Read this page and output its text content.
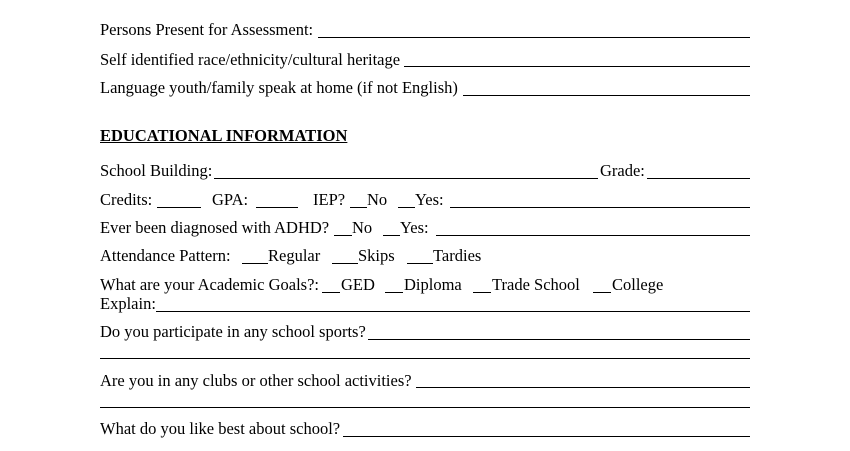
Persons Present for Assessment:
Self identified race/ethnicity/cultural heritage
Language youth/family speak at home (if not English)
EDUCATIONAL INFORMATION
School Building:	Grade:
Credits:	GPA:	IEP? No Yes:
Ever been diagnosed with ADHD? No Yes:
Attendance Pattern: Regular Skips Tardies
What are your Academic Goals?: GED Diploma Trade School College
Explain:
Do you participate in any school sports?
Are you in any clubs or other school activities?
What do you like best about school?
